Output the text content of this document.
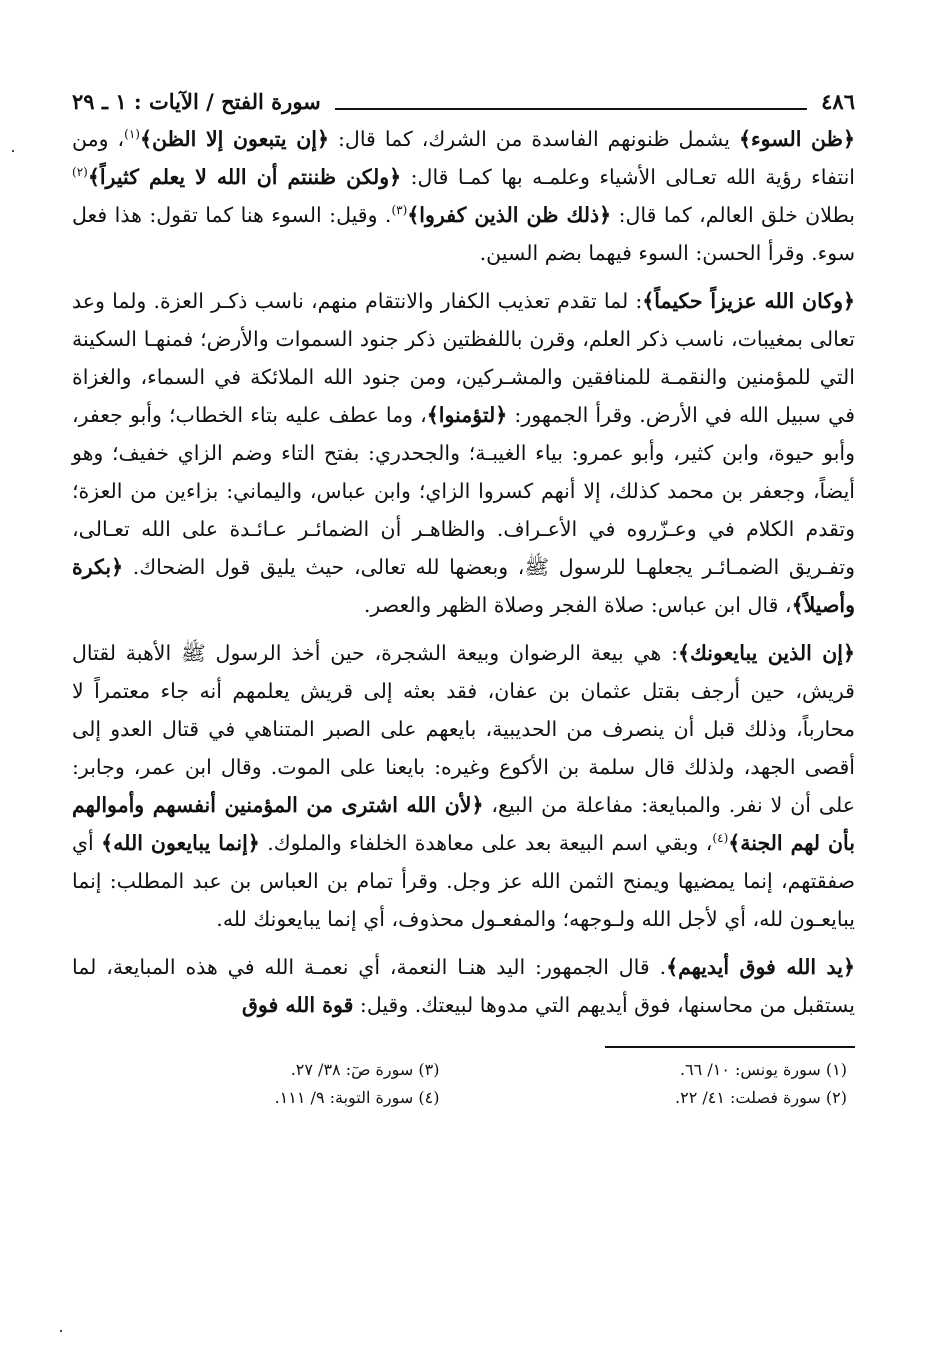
٤٨٦
سورة الفتح / الآيات : ١ ـ ٢٩

﴿ظن السوء﴾ يشمل ظنونهم الفاسدة من الشرك، كما قال: ﴿إن يتبعون إلا الظن﴾$^{(١)}$، ومن انتفاء رؤية الله تعـالى الأشياء وعلمـه بها كمـا قال: ﴿ولكن ظننتم أن الله لا يعلم كثيراً﴾$^{(٢)}$ بطلان خلق العالم، كما قال: ﴿ذلك ظن الذين كفروا﴾$^{(٣)}$. وقيل: السوء هنا كما تقول: هذا فعل سوء. وقرأ الحسن: السوء فيهما بضم السين.

﴿وكان الله عزيزاً حكيماً﴾: لما تقدم تعذيب الكفار والانتقام منهم، ناسب ذكـر العزة. ولما وعد تعالى بمغيبات، ناسب ذكر العلم، وقرن باللفظتين ذكر جنود السموات والأرض؛ فمنهـا السكينة التي للمؤمنين والنقمـة للمنافقين والمشـركين، ومن جنود الله الملائكة في السماء، والغزاة في سبيل الله في الأرض. وقرأ الجمهور: ﴿لتؤمنوا﴾، وما عطف عليه بتاء الخطاب؛ وأبو جعفر، وأبو حيوة، وابن كثير، وأبو عمرو: بياء الغيبـة؛ والجحدري: بفتح التاء وضم الزاي خفيف؛ وهو أيضاً، وجعفر بن محمد كذلك، إلا أنهم كسروا الزاي؛ وابن عباس، واليماني: بزاءين من العزة؛ وتقدم الكلام في وعـزّروه في الأعـراف. والظاهـر أن الضمائـر عـائـدة على الله تعـالى، وتفـريق الضمـائـر يجعلهـا للرسول ﷺ، وبعضها لله تعالى، حيث يليق قول الضحاك. ﴿بكرة وأصيلاً﴾، قال ابن عباس: صلاة الفجر وصلاة الظهر والعصر.

﴿إن الذين يبايعونك﴾: هي بيعة الرضوان وبيعة الشجرة، حين أخذ الرسول ﷺ الأهبة لقتال قريش، حين أرجف بقتل عثمان بن عفان، فقد بعثه إلى قريش يعلمهم أنه جاء معتمراً لا محارباً، وذلك قبل أن ينصرف من الحديبية، بايعهم على الصبر المتناهي في قتال العدو إلى أقصى الجهد، ولذلك قال سلمة بن الأكوع وغيره: بايعنا على الموت. وقال ابن عمر، وجابر: على أن لا نفر. والمبايعة: مفاعلة من البيع، ﴿لأن الله اشترى من المؤمنين أنفسهم وأموالهم بأن لهم الجنة﴾$^{(٤)}$، وبقي اسم البيعة بعد على معاهدة الخلفاء والملوك. ﴿إنما يبايعون الله﴾ أي صفقتهم، إنما يمضيها ويمنح الثمن الله عز وجل. وقرأ تمام بن العباس بن عبد المطلب: إنما يبايعـون لله، أي لأجل الله ولـوجهه؛ والمفعـول محذوف، أي إنما يبايعونك لله.

﴿يد الله فوق أيديهم﴾. قال الجمهور: اليد هنـا النعمة، أي نعمـة الله في هذه المبايعة، لما يستقبل من محاسنها، فوق أيديهم التي مدوها لبيعتك. وقيل: قوة الله فوق

(١) سورة يونس: ١٠/ ٦٦.
(٣) سورة صٓ: ٣٨/ ٢٧.
(٢) سورة فصلت: ٤١/ ٢٢.
(٤) سورة التوبة: ٩/ ١١١.
